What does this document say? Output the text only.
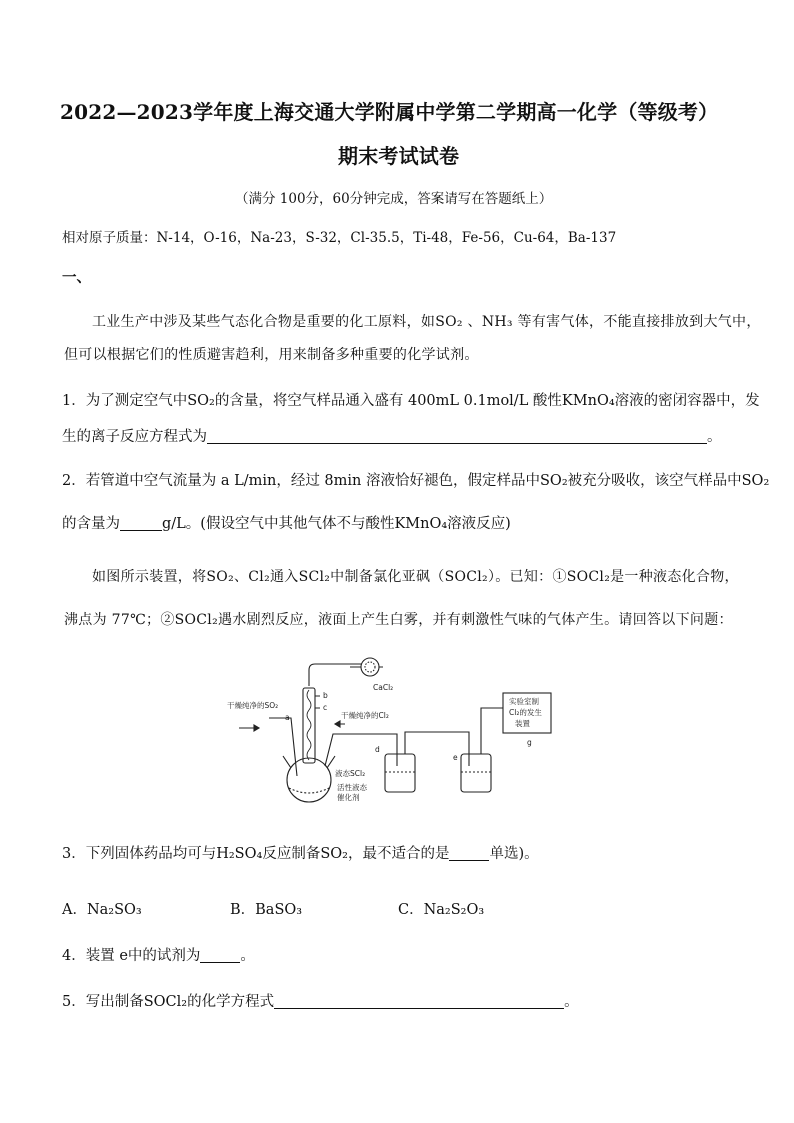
2022—2023学年度上海交通大学附属中学第二学期高一化学（等级考）
期末考试试卷
（满分 100分，60分钟完成，答案请写在答题纸上）
相对原子质量：N-14，O-16，Na-23，S-32，Cl-35.5，Ti-48，Fe-56，Cu-64，Ba-137
一、
工业生产中涉及某些气态化合物是重要的化工原料，如SO₂ 、NH₃ 等有害气体，不能直接排放到大气中，
但可以根据它们的性质避害趋利，用来制备多种重要的化学试剂。
1．为了测定空气中SO₂的含量，将空气样品通入盛有 400mL 0.1mol/L 酸性KMnO₄溶液的密闭容器中，发
生的离子反应方程式为	。
2．若管道中空气流量为 a L/min，经过 8min 溶液恰好褪色，假定样品中SO₂被充分吸收，该空气样品中SO₂
的含量为	g/L。(假设空气中其他气体不与酸性KMnO₄溶液反应)
如图所示装置，将SO₂、Cl₂通入SCl₂中制备氯化亚砜（SOCl₂）。已知：①SOCl₂是一种液态化合物，
沸点为 77℃；②SOCl₂遇水剧烈反应，液面上产生白雾，并有刺激性气味的气体产生。请回答以下问题：
CaCl₂
干燥纯净的SO₂
干燥纯净的Cl₂
a
b
c
d
e
g
液态SCl₂
活性液态
催化剂
实验室制
Cl₂的发生
装置
3．下列固体药品均可与H₂SO₄反应制备SO₂，最不适合的是	单选)。
A．Na₂SO₃	B．BaSO₃	C．Na₂S₂O₃
4．装置 e中的试剂为	。
5．写出制备SOCl₂的化学方程式	。
